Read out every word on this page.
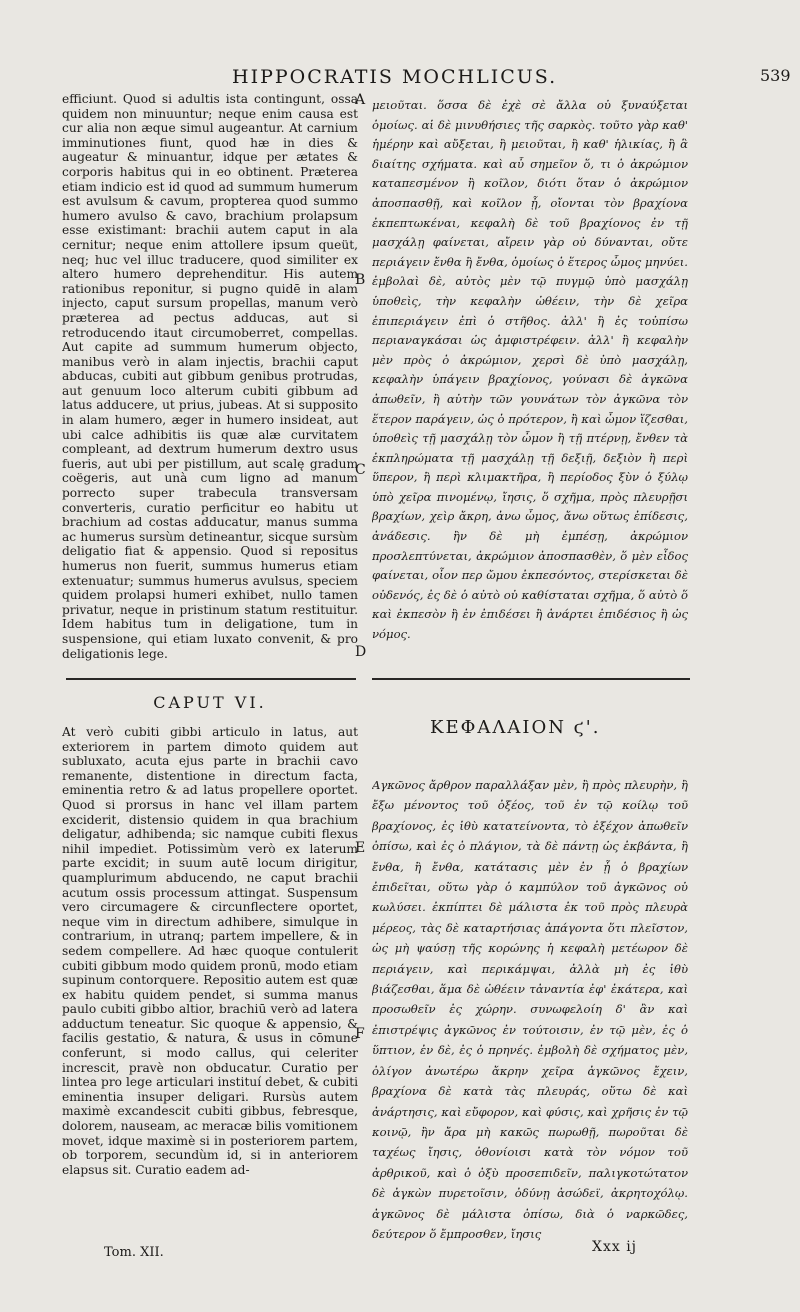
HIPPOCRATIS MOCHLICUS.	539
efficiunt. Quod si adultis ista contingunt, ossa quidem non minuuntur; neque enim causa est cur alia non æque simul augeantur. At carnium imminutiones fiunt, quod hæ in dies & augeatur & minuantur, idque per ætates & corporis habitus qui in eo obtinent. Præterea etiam indicio est id quod ad summum humerum est avulsum & cavum, propterea quod summo humero avulso & cavo, brachium prolapsum esse existimant: brachii autem caput in ala cernitur; neque enim attollere ipsum queüt, neq; huc vel illuc traducere, quod similiter ex altero humero deprehenditur. His autem rationibus reponitur, si pugno quidē in alam injecto, caput sursum propellas, manum verò præterea ad pectus adducas, aut si retroducendo itaut circumoberret, compellas. Aut capite ad summum humerum objecto, manibus verò in alam injectis, brachii caput abducas, cubiti aut gibbum genibus protrudas, aut genuum loco alterum cubiti gibbum ad latus adducere, ut prius, jubeas. At si supposito in alam humero, æger in humero insideat, aut ubi calce adhibitis iis quæ alæ curvitatem compleant, ad dextrum humerum dextro usus fueris, aut ubi per pistillum, aut scalę gradum coëgeris, aut unà cum ligno ad manum porrecto super trabecula transversam converteris, curatio perficitur eo habitu ut brachium ad costas adducatur, manus summa ac humerus sursùm detineantur, sicque sursùm deligatio fiat & appensio. Quod si repositus humerus non fuerit, summus humerus etiam extenuatur; summus humerus avulsus, speciem quidem prolapsi humeri exhibet, nullo tamen privatur, neque in pristinum statum restituitur. Idem habitus tum in deligatione, tum in suspensione, qui etiam luxato convenit, & pro deligationis lege.
μειοῦται. ὅσσα δὲ ἐχὲ σὲ ἄλλα οὐ ξυναύξεται ὁμοίως. αἱ δὲ μινυθήσιες τῆς σαρκὸς. τοῦτο γὰρ καθ' ἡμέρην καὶ αὔξεται, ἢ μειοῦται, ἢ καθ' ἡλικίας, ἢ ἃ διαίτης σχήματα. καὶ αὖ σημεῖον ὅ, τι ὁ ἀκρώμιον καταπεσμένον ἢ κοῖλον, διότι ὅταν ὁ ἀκρώμιον ἀποσπασθῇ, καὶ κοῖλον ᾖ, οἴονται τὸν βραχίονα ἐκπεπτωκέναι, κεφαλὴ δὲ τοῦ βραχίονος ἐν τῇ μασχάλῃ φαίνεται, αἴρειν γὰρ οὐ δύνανται, οὔτε περιάγειν ἔνθα ἢ ἔνθα, ὁμοίως ὁ ἕτερος ὦμος μηνύει. ἐμβολαὶ δὲ, αὐτὸς μὲν τῷ πυγμῷ ὑπὸ μασχάλῃ ὑποθεὶς, τὴν κεφαλὴν ὠθέειν, τὴν δὲ χεῖρα ἐπιπεριάγειν ἐπὶ ὁ στῆθος. ἀλλ' ἢ ἐς τοὐπίσω περιαναγκάσαι ὡς ἀμφιστρέφειν. ἀλλ' ἢ κεφαλὴν μὲν πρὸς ὁ ἀκρώμιον, χερσὶ δὲ ὑπὸ μασχάλῃ, κεφαλὴν ὑπάγειν βραχίονος, γούνασι δὲ ἀγκῶνα ἀπωθεῖν, ἢ αὐτὴν τῶν γουνάτων τὸν ἀγκῶνα τὸν ἕτερον παράγειν, ὡς ὁ πρότερον, ἢ καὶ ὦμον ἵζεσθαι, ὑποθεὶς τῇ μασχάλῃ τὸν ὦμον ἢ τῇ πτέρνῃ, ἔνθεν τὰ ἐκπληρώματα τῇ μασχάλῃ τῇ δεξιῇ, δεξιὸν ἢ περὶ ὕπερον, ἢ περὶ κλιμακτῆρα, ἢ περίοδος ξὺν ὁ ξύλῳ ὑπὸ χεῖρα πινομένῳ, ἴησις, ὅ σχῆμα, πρὸς πλευρῇσι βραχίων, χεὶρ ἄκρη, ἀνω ὦμος, ἄνω οὕτως ἐπίδεσις, ἀνάδεσις. ἢν δὲ μὴ ἐμπέσῃ, ἀκρώμιον προσλεπτύνεται, ἀκρώμιον ἀποσπασθὲν, ὅ μὲν εἶδος φαίνεται, οἷον περ ὤμου ἐκπεσόντος, στερίσκεται δὲ οὐδενός, ἐς δὲ ὁ αὐτὸ οὐ καθίσταται σχῆμα, ὅ αὐτὸ ὅ καὶ ἐκπεσὸν ἢ ἐν ἐπιδέσει ἢ ἀνάρτει ἐπιδέσιος ἢ ὡς νόμος.
A
B
C
D
E
F
CAPUT VI.
ΚΕΦΑΛΑΙΟΝ ϛ'.
At verò cubiti gibbi articulo in latus, aut exteriorem in partem dimoto quidem aut subluxato, acuta ejus parte in brachii cavo remanente, distentione in directum facta, eminentia retro & ad latus propellere oportet. Quod si prorsus in hanc vel illam partem exciderit, distensio quidem in qua brachium deligatur, adhibenda; sic namque cubiti flexus nihil impediet. Potissimùm verò ex laterum parte excidit; in suum autē locum dirigitur, quamplurimum abducendo, ne caput brachii acutum ossis processum attingat. Suspensum vero circumagere & circunflectere oportet, neque vim in directum adhibere, simulque in contrarium, in utranq; partem impellere, & in sedem compellere. Ad hæc quoque contulerit cubiti gibbum modo quidem pronū, modo etiam supinum contorquere. Repositio autem est quæ ex habitu quidem pendet, si summa manus paulo cubiti gibbo altior, brachiū verò ad latera adductum teneatur. Sic quoque & appensio, & facilis gestatio, & natura, & usus in cōmune conferunt, si modo callus, qui celeriter increscit, pravè non obducatur. Curatio per lintea pro lege articulari instituí debet, & cubiti eminentia insuper deligari. Rursùs autem maximè excandescit cubiti gibbus, febresque, dolorem, nauseam, ac meracæ bilis vomitionem movet, idque maximè si in posteriorem partem, ob torporem, secundùm id, si in anteriorem elapsus sit. Curatio eadem ad-
Αγκῶνος ἄρθρον παραλλάξαν μὲν, ἢ πρὸς πλευρὴν, ἢ ἔξω μένοντος τοῦ ὀξέος, τοῦ ἐν τῷ κοίλῳ τοῦ βραχίονος, ἐς ἰθὺ κατατείνοντα, τὸ ἐξέχον ἀπωθεῖν ὀπίσω, καὶ ἐς ὁ πλάγιον, τὰ δὲ πάντῃ ὡς ἐκβάντα, ἢ ἔνθα, ἢ ἔνθα, κατάτασις μὲν ἐν ᾗ ὁ βραχίων ἐπιδεῖται, οὕτω γὰρ ὁ καμπύλον τοῦ ἀγκῶνος οὐ κωλύσει. ἐκπίπτει δὲ μάλιστα ἐκ τοῦ πρὸς πλευρὰ μέρεος, τὰς δὲ καταρτήσιας ἀπάγοντα ὅτι πλεῖστον, ὡς μὴ ψαύσῃ τῆς κορώνης ἡ κεφαλὴ μετέωρον δὲ περιάγειν, καὶ περικάμψαι, ἀλλὰ μὴ ἐς ἰθὺ βιάζεσθαι, ἅμα δὲ ὠθέειν τἀναντία ἐφ' ἑκάτερα, καὶ προσωθεῖν ἐς χώρην. συνωφελοίη δ' ἂν καὶ ἐπιστρέψις ἀγκῶνος ἐν τούτοισιν, ἐν τῷ μὲν, ἐς ὁ ὕπτιον, ἐν δὲ, ἐς ὁ πρηνές. ἐμβολὴ δὲ σχήματος μὲν, ὀλίγον ἀνωτέρω ἄκρην χεῖρα ἀγκῶνος ἔχειν, βραχίονα δὲ κατὰ τὰς πλευράς, οὕτω δὲ καὶ ἀνάρτησις, καὶ εὔφορον, καὶ φύσις, καὶ χρῆσις ἐν τῷ κοινῷ, ἢν ἄρα μὴ κακῶς πωρωθῇ, πωροῦται δὲ ταχέως ἴησις, ὀθονίοισι κατὰ τὸν νόμον τοῦ ἀρθρικοῦ, καὶ ὁ ὀξὺ προσεπιδεῖν, παλιγκοτώτατον δὲ ἀγκὼν πυρετοῖσιν, ὀδύνῃ ἀσώδεϊ, ἀκρητοχόλῳ. ἀγκῶνος δὲ μάλιστα ὀπίσω, διὰ ὁ ναρκῶδες, δεύτερον ὅ ἔμπροσθεν, ἴησις
Tom. XII.	Xxx ij
